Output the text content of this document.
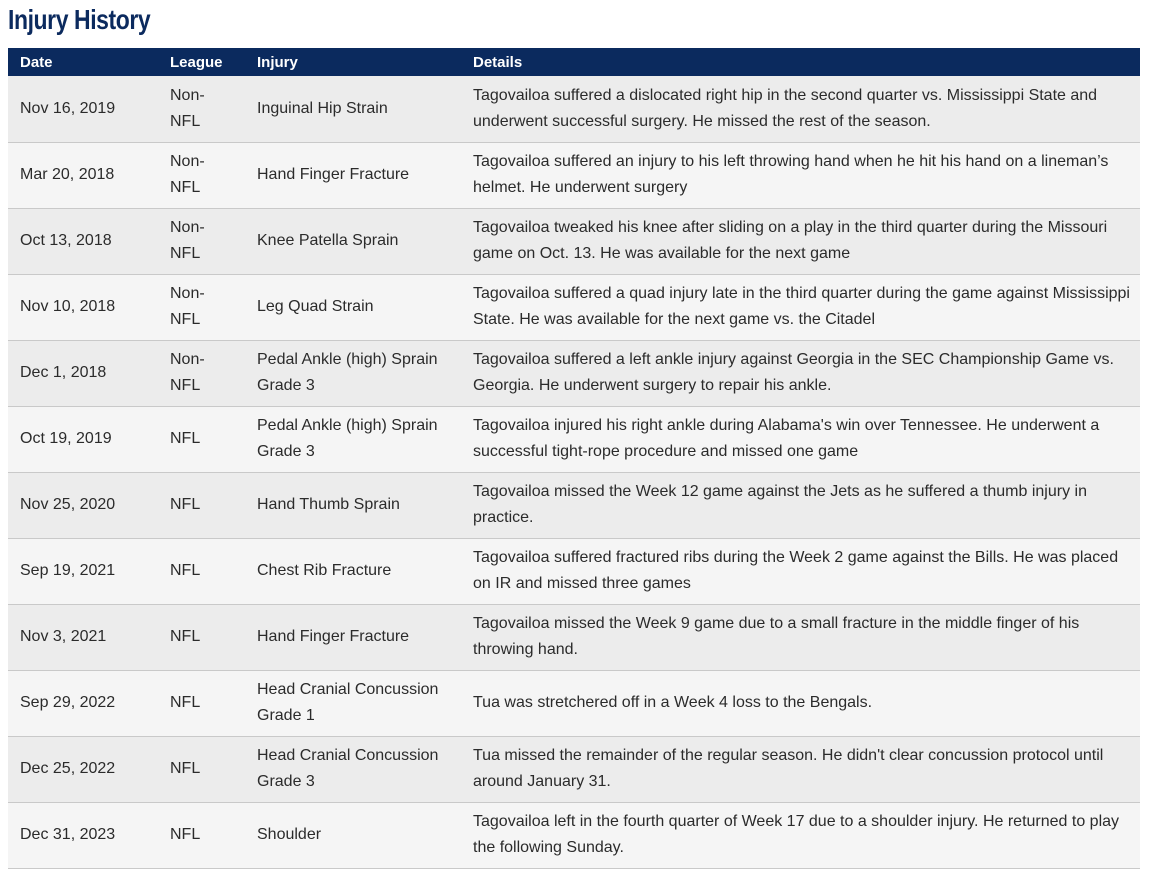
Injury History
Date	League	Injury	Details
Nov 16, 2019	Non-NFL	Inguinal Hip Strain	Tagovailoa suffered a dislocated right hip in the second quarter vs. Mississippi State and underwent successful surgery. He missed the rest of the season.
Mar 20, 2018	Non-NFL	Hand Finger Fracture	Tagovailoa suffered an injury to his left throwing hand when he hit his hand on a lineman’s helmet. He underwent surgery
Oct 13, 2018	Non-NFL	Knee Patella Sprain	Tagovailoa tweaked his knee after sliding on a play in the third quarter during the Missouri game on Oct. 13. He was available for the next game
Nov 10, 2018	Non-NFL	Leg Quad Strain	Tagovailoa suffered a quad injury late in the third quarter during the game against Mississippi State. He was available for the next game vs. the Citadel
Dec 1, 2018	Non-NFL	Pedal Ankle (high) Sprain Grade 3	Tagovailoa suffered a left ankle injury against Georgia in the SEC Championship Game vs. Georgia. He underwent surgery to repair his ankle.
Oct 19, 2019	NFL	Pedal Ankle (high) Sprain Grade 3	Tagovailoa injured his right ankle during Alabama's win over Tennessee. He underwent a successful tight-rope procedure and missed one game
Nov 25, 2020	NFL	Hand Thumb Sprain	Tagovailoa missed the Week 12 game against the Jets as he suffered a thumb injury in practice.
Sep 19, 2021	NFL	Chest Rib Fracture	Tagovailoa suffered fractured ribs during the Week 2 game against the Bills. He was placed on IR and missed three games
Nov 3, 2021	NFL	Hand Finger Fracture	Tagovailoa missed the Week 9 game due to a small fracture in the middle finger of his throwing hand.
Sep 29, 2022	NFL	Head Cranial Concussion Grade 1	Tua was stretchered off in a Week 4 loss to the Bengals.
Dec 25, 2022	NFL	Head Cranial Concussion Grade 3	Tua missed the remainder of the regular season. He didn't clear concussion protocol until around January 31.
Dec 31, 2023	NFL	Shoulder	Tagovailoa left in the fourth quarter of Week 17 due to a shoulder injury. He returned to play the following Sunday.
